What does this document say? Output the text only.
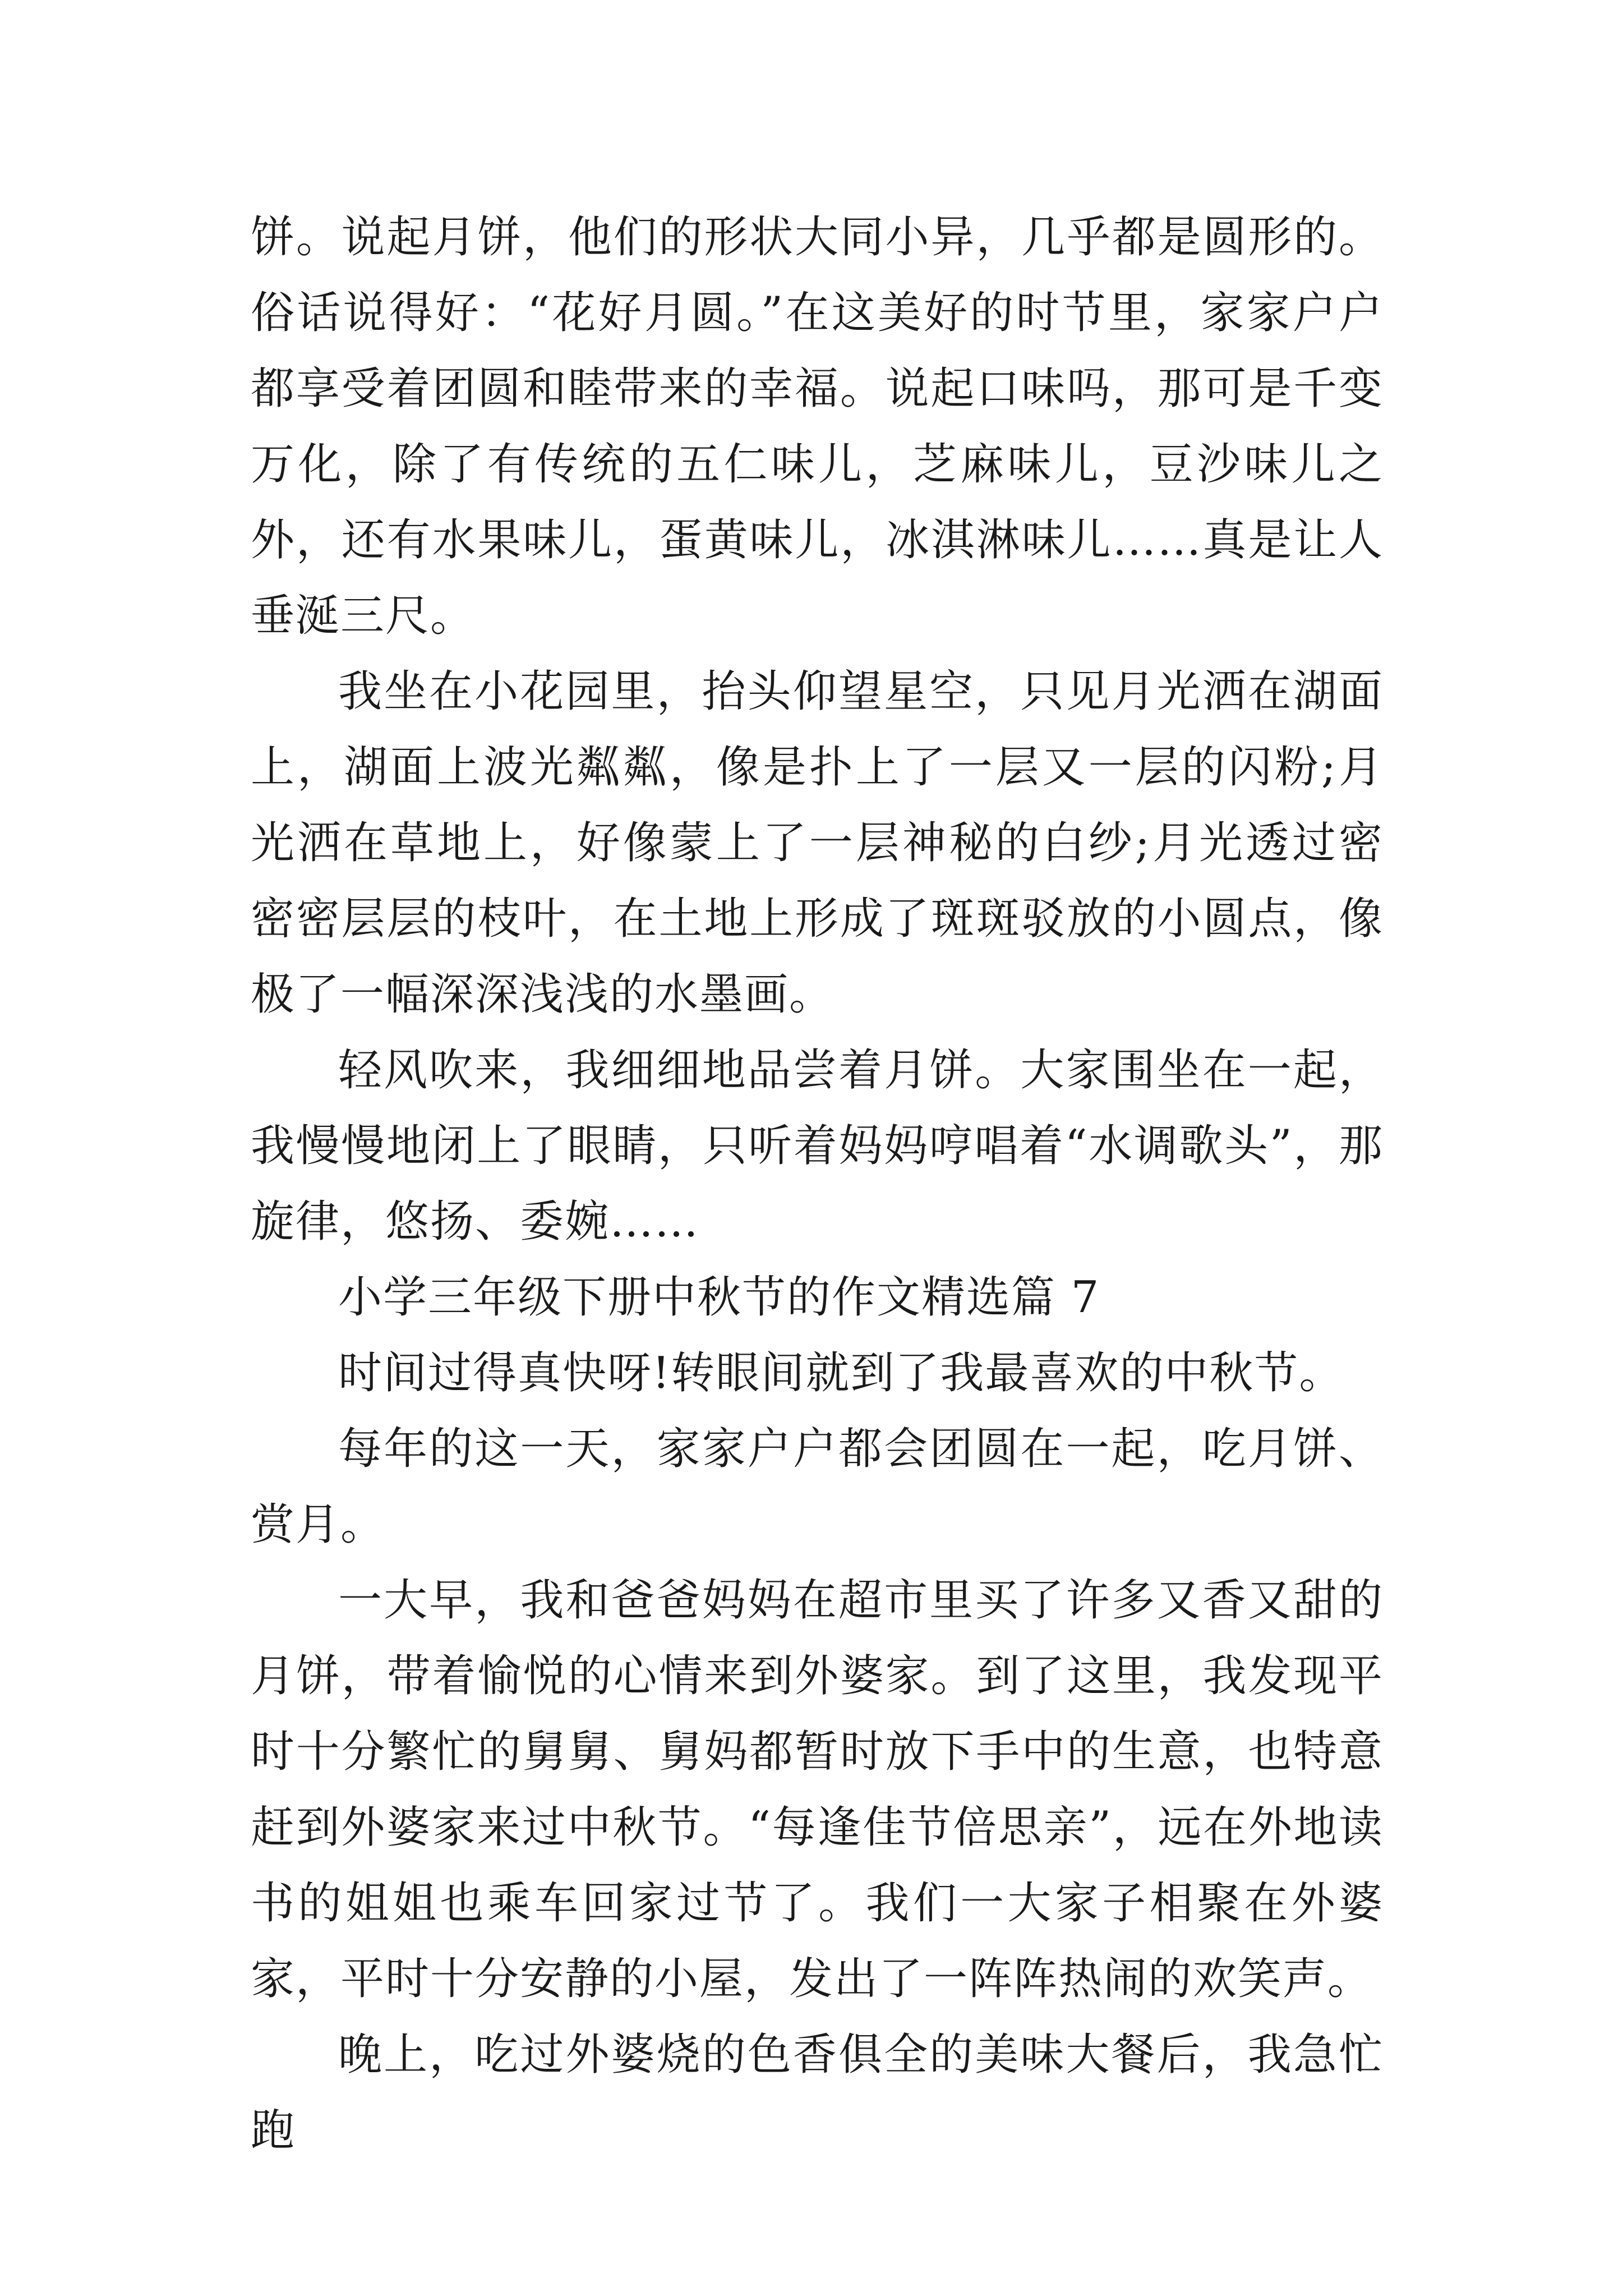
饼。说起月饼，他们的形状大同小异，几乎都是圆形的。俗话说得好：“花好月圆。”在这美好的时节里，家家户户都享受着团圆和睦带来的幸福。说起口味吗，那可是千变万化，除了有传统的五仁味儿，芝麻味儿，豆沙味儿之外，还有水果味儿，蛋黄味儿，冰淇淋味儿……真是让人垂涎三尺。

我坐在小花园里，抬头仰望星空，只见月光洒在湖面上，湖面上波光粼粼，像是扑上了一层又一层的闪粉;月光洒在草地上，好像蒙上了一层神秘的白纱;月光透过密密密层层的枝叶，在土地上形成了斑斑驳放的小圆点，像极了一幅深深浅浅的水墨画。

轻风吹来，我细细地品尝着月饼。大家围坐在一起，我慢慢地闭上了眼睛，只听着妈妈哼唱着“水调歌头”，那旋律，悠扬、委婉……

小学三年级下册中秋节的作文精选篇 7

时间过得真快呀!转眼间就到了我最喜欢的中秋节。

每年的这一天，家家户户都会团圆在一起，吃月饼、赏月。

一大早，我和爸爸妈妈在超市里买了许多又香又甜的月饼，带着愉悦的心情来到外婆家。到了这里，我发现平时十分繁忙的舅舅、舅妈都暂时放下手中的生意，也特意赶到外婆家来过中秋节。“每逢佳节倍思亲”，远在外地读书的姐姐也乘车回家过节了。我们一大家子相聚在外婆家，平时十分安静的小屋，发出了一阵阵热闹的欢笑声。

晚上，吃过外婆烧的色香俱全的美味大餐后，我急忙跑
